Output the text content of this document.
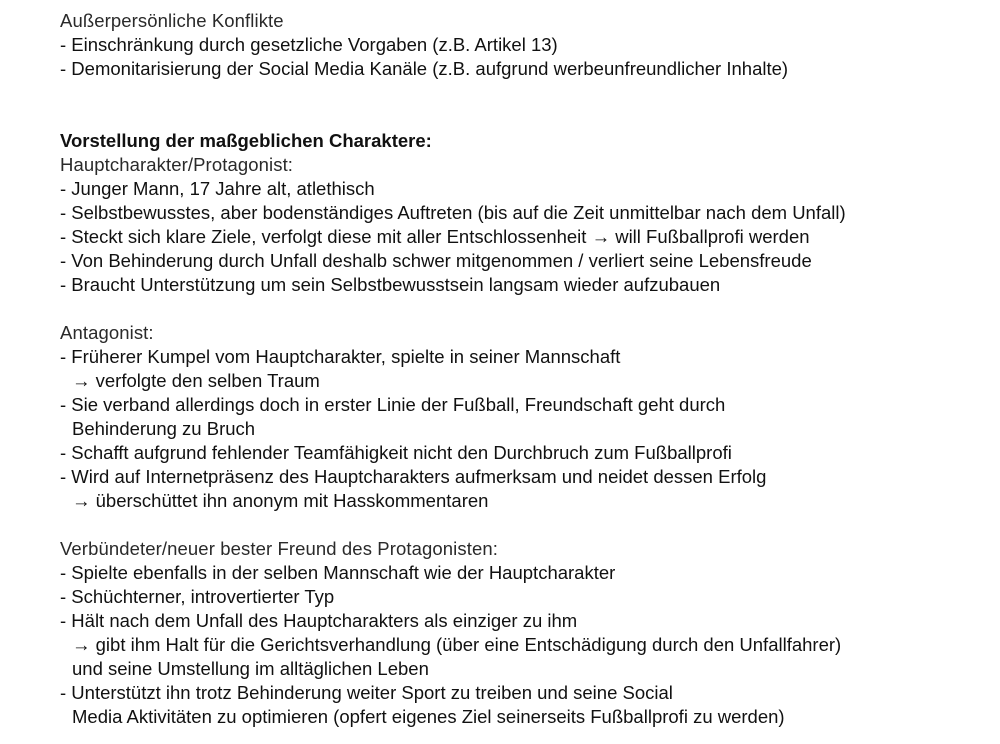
Außerpersönliche Konflikte
- Einschränkung durch gesetzliche Vorgaben (z.B. Artikel 13)
- Demonitarisierung der Social Media Kanäle (z.B. aufgrund werbeunfreundlicher Inhalte)
Vorstellung der maßgeblichen Charaktere:
Hauptcharakter/Protagonist:
- Junger Mann, 17 Jahre alt, atlethisch
- Selbstbewusstes, aber bodenständiges Auftreten (bis auf die Zeit unmittelbar nach dem Unfall)
- Steckt sich klare Ziele, verfolgt diese mit aller Entschlossenheit → will Fußballprofi werden
- Von Behinderung durch Unfall deshalb schwer mitgenommen / verliert seine Lebensfreude
- Braucht Unterstützung um sein Selbstbewusstsein langsam wieder aufzubauen
Antagonist:
- Früherer Kumpel vom Hauptcharakter, spielte in seiner Mannschaft
→ verfolgte den selben Traum
- Sie verband allerdings doch in erster Linie der Fußball, Freundschaft geht durch
Behinderung zu Bruch
- Schafft aufgrund fehlender Teamfähigkeit nicht den Durchbruch zum Fußballprofi
- Wird auf Internetpräsenz des Hauptcharakters aufmerksam und neidet dessen Erfolg
→ überschüttet ihn anonym mit Hasskommentaren
Verbündeter/neuer bester Freund des Protagonisten:
- Spielte ebenfalls in der selben Mannschaft wie der Hauptcharakter
- Schüchterner, introvertierter Typ
- Hält nach dem Unfall des Hauptcharakters als einziger zu ihm
→ gibt ihm Halt für die Gerichtsverhandlung (über eine Entschädigung durch den Unfallfahrer)
und seine Umstellung im alltäglichen Leben
- Unterstützt ihn trotz Behinderung weiter Sport zu treiben und seine Social
Media Aktivitäten zu optimieren (opfert eigenes Ziel seinerseits Fußballprofi zu werden)
